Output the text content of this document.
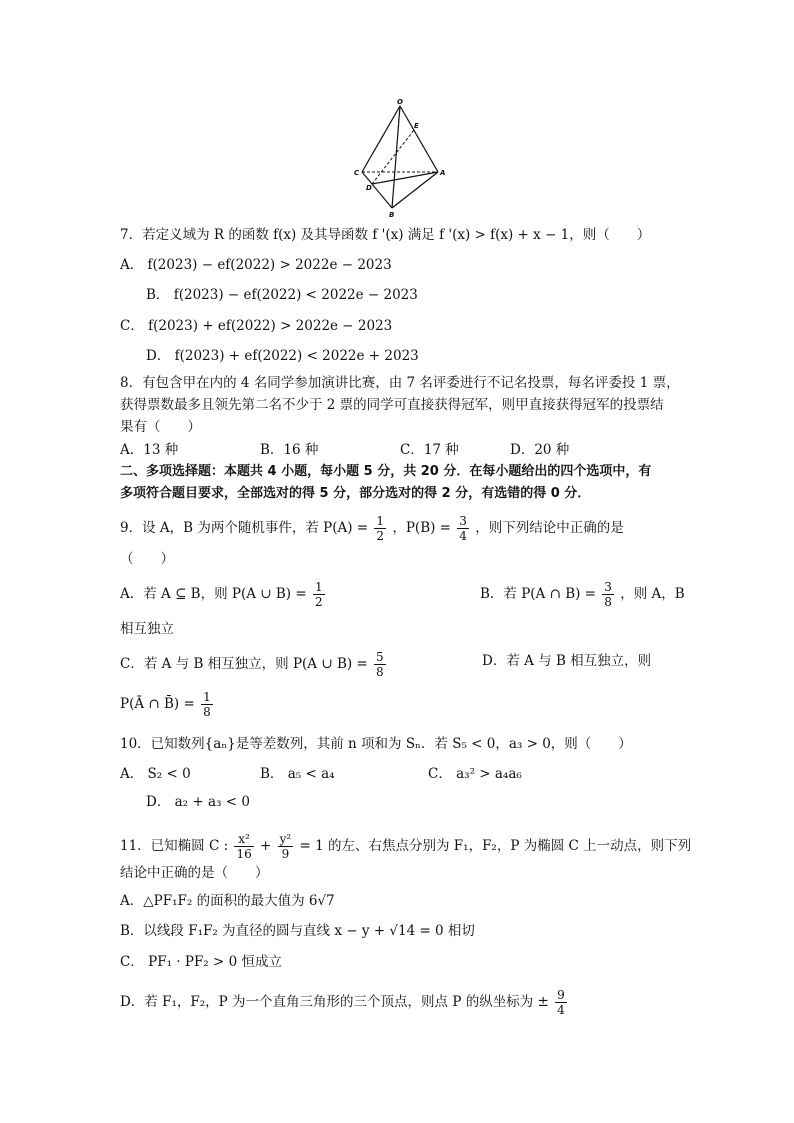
O
E
C
D
A
B
7．若定义域为 R 的函数 f(x) 及其导函数 f '(x) 满足 f '(x) > f(x) + x − 1，则（　　）
A． f(2023) − ef(2022) > 2022e − 2023
B． f(2023) − ef(2022) < 2022e − 2023
C． f(2023) + ef(2022) > 2022e − 2023
D． f(2023) + ef(2022) < 2022e + 2023
8．有包含甲在内的 4 名同学参加演讲比赛，由 7 名评委进行不记名投票，每名评委投 1 票，
获得票数最多且领先第二名不少于 2 票的同学可直接获得冠军，则甲直接获得冠军的投票结
果有（　　）
A．13 种	B．16 种	C．17 种	D．20 种
二、多项选择题：本题共 4 小题，每小题 5 分，共 20 分．在每小题给出的四个选项中，有
多项符合题目要求，全部选对的得 5 分，部分选对的得 2 分，有选错的得 0 分．
9．设 A，B 为两个随机事件，若 $P(A) = \frac{1}{2}$ ，$P(B) = \frac{3}{4}$ ，则下列结论中正确的是
（　　）
A．若 A ⊆ B，则 P(A ∪ $B) = \frac{1}{2}$	B．若 P(A ∩ $B) = \frac{3}{8}$ ，则 A，B
相互独立
C．若 A 与 B 相互独立，则 P(A ∪ $B) = \frac{5}{8}$	D．若 A 与 B 相互独立，则
P(Ā ∩ B̄) = $\frac{1}{8}$
10．已知数列{aₙ}是等差数列，其前 n 项和为 Sₙ．若 S₅ < 0，a₃ > 0，则（　　）
A． S₂ < 0	B． a₅ < a₄	C． a₃² > a₄a₆
D． a₂ + a₃ < 0
11．已知椭圆 C : $\frac{\text{x²}}{16} + \frac{\text{y²}}{9} = 1$ 的左、右焦点分别为 F₁，F₂，P 为椭圆 C 上一动点，则下列
结论中正确的是（　　）
A．△PF₁F₂ 的面积的最大值为 6√7
B．以线段 F₁F₂ 为直径的圆与直线 x − y + √14 = 0 相切
C． PF₁ · PF₂ > 0 恒成立
D．若 F₁，F₂，P 为一个直角三角形的三个顶点，则点 P 的纵坐标为 ± $\frac{9}{4}$
